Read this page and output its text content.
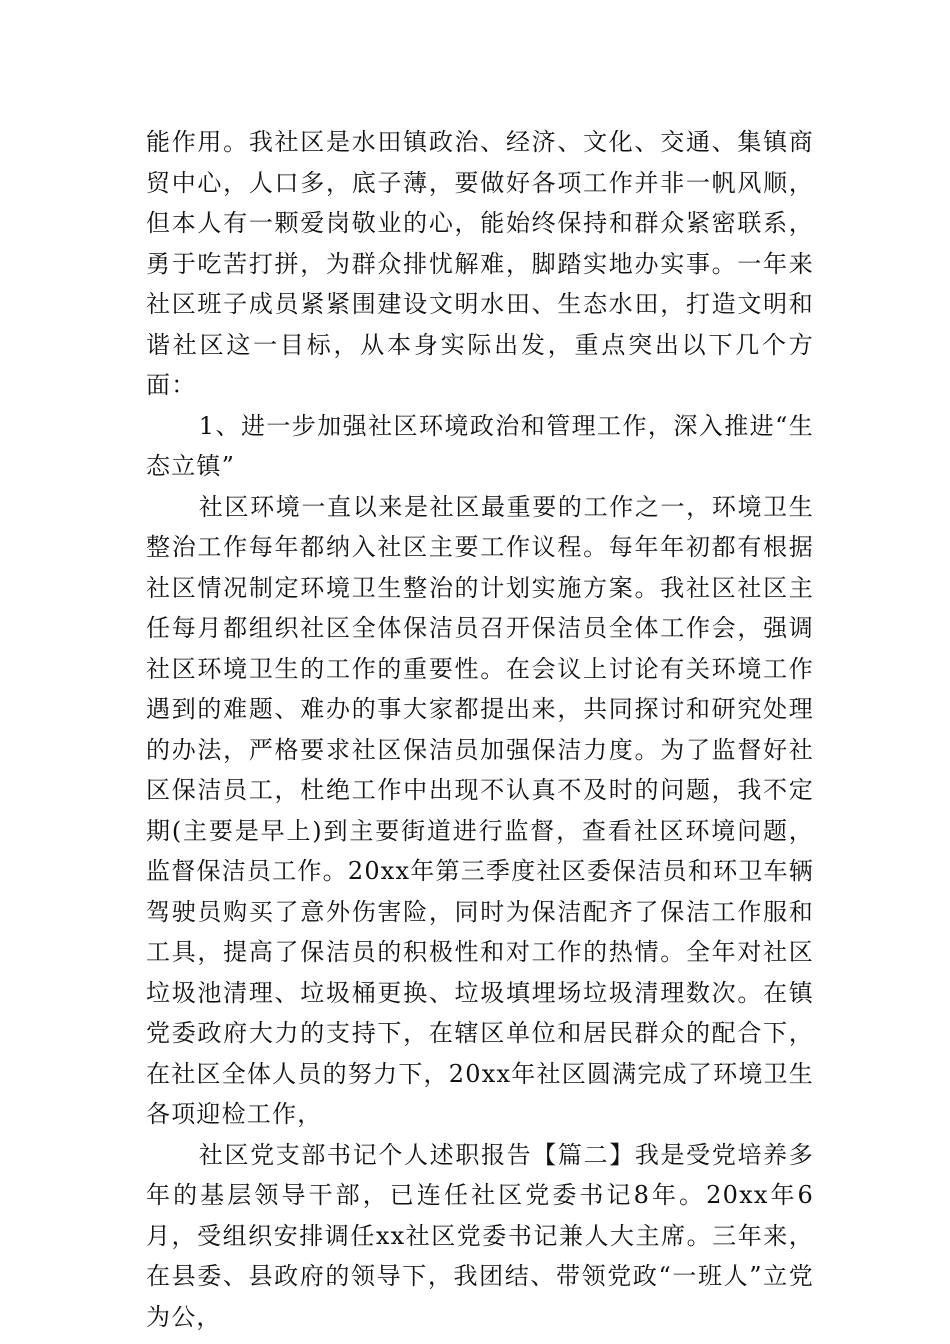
能作用。我社区是水田镇政治、经济、文化、交通、集镇商贸中心，人口多，底子薄，要做好各项工作并非一帆风顺，但本人有一颗爱岗敬业的心，能始终保持和群众紧密联系，勇于吃苦打拼，为群众排忧解难，脚踏实地办实事。一年来社区班子成员紧紧围建设文明水田、生态水田，打造文明和谐社区这一目标，从本身实际出发，重点突出以下几个方面：

1、进一步加强社区环境政治和管理工作，深入推进“生态立镇”

社区环境一直以来是社区最重要的工作之一，环境卫生整治工作每年都纳入社区主要工作议程。每年年初都有根据社区情况制定环境卫生整治的计划实施方案。我社区社区主任每月都组织社区全体保洁员召开保洁员全体工作会，强调社区环境卫生的工作的重要性。在会议上讨论有关环境工作遇到的难题、难办的事大家都提出来，共同探讨和研究处理的办法，严格要求社区保洁员加强保洁力度。为了监督好社区保洁员工，杜绝工作中出现不认真不及时的问题，我不定期(主要是早上)到主要街道进行监督，查看社区环境问题，监督保洁员工作。20xx年第三季度社区委保洁员和环卫车辆驾驶员购买了意外伤害险，同时为保洁配齐了保洁工作服和工具，提高了保洁员的积极性和对工作的热情。全年对社区垃圾池清理、垃圾桶更换、垃圾填埋场垃圾清理数次。在镇党委政府大力的支持下，在辖区单位和居民群众的配合下，在社区全体人员的努力下，20xx年社区圆满完成了环境卫生各项迎检工作，

社区党支部书记个人述职报告【篇二】我是受党培养多年的基层领导干部，已连任社区党委书记8年。20xx年6月，受组织安排调任xx社区党委书记兼人大主席。三年来，在县委、县政府的领导下，我团结、带领党政“一班人”立党为公，
